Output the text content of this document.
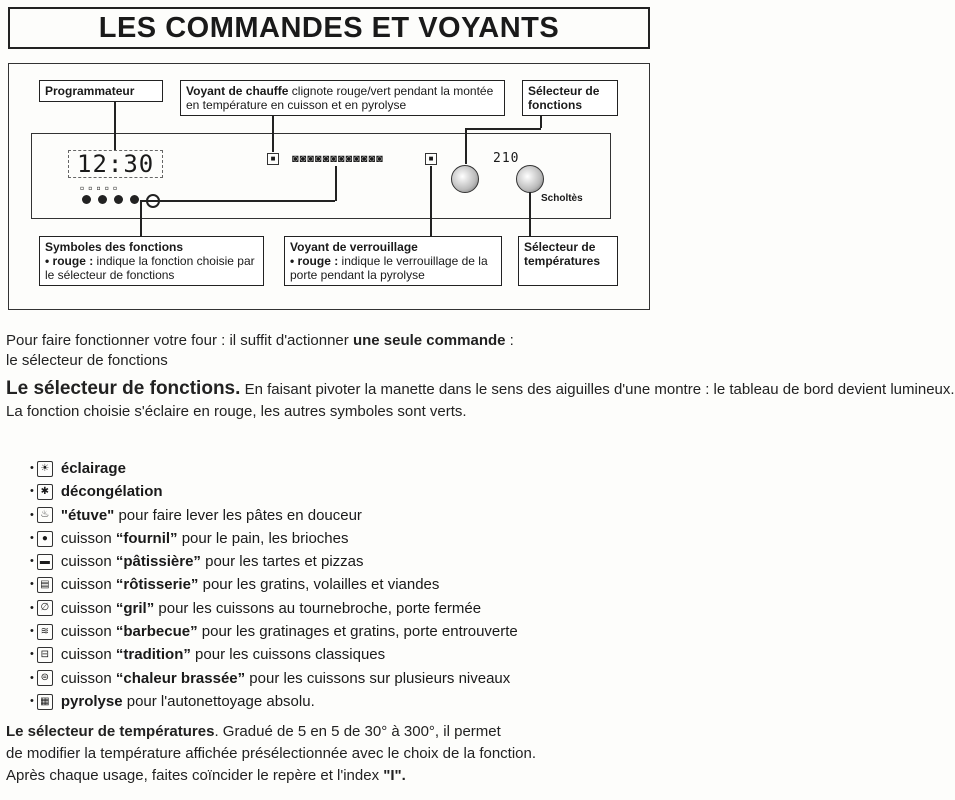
LES COMMANDES ET VOYANTS
Programmateur	Voyant de chauffe clignote rouge/vert pendant la montée en température en cuisson et en pyrolyse
Sélecteur de fonctions
Symboles des fonctions
• rouge : indique la fonction choisie par le sélecteur de fonctions
Voyant de verrouillage
• rouge : indique le verrouillage de la porte pendant la pyrolyse
Sélecteur de températures
12:30
▫▫▫▫▫
■	◙◙◙◙◙◙◙◙◙◙◙◙	■	210
Scholtès
Pour faire fonctionner votre four : il suffit d'actionner une seule commande :
le sélecteur de fonctions
Le sélecteur de fonctions. En faisant pivoter la manette dans le sens des aiguilles d'une montre : le tableau de bord devient lumineux.
La fonction choisie s'éclaire en rouge, les autres symboles sont verts.
• ☀ éclairage
• ✱ décongélation
• ♨ "étuve" pour faire lever les pâtes en douceur
• ● cuisson “fournil” pour le pain, les brioches
• ▬ cuisson “pâtissière” pour les tartes et pizzas
• ▤ cuisson “rôtisserie” pour les gratins, volailles et viandes
• ∅ cuisson “gril” pour les cuissons au tournebroche, porte fermée
• ≋ cuisson “barbecue” pour les gratinages et gratins, porte entrouverte
• ⊟ cuisson “tradition” pour les cuissons classiques
• ⊜ cuisson “chaleur brassée” pour les cuissons sur plusieurs niveaux
• ▦ pyrolyse pour l'autonettoyage absolu.
Le sélecteur de températures. Gradué de 5 en 5 de 30° à 300°, il permet
de modifier la température affichée présélectionnée avec le choix de la fonction.
Après chaque usage, faites coïncider le repère et l'index "I".
